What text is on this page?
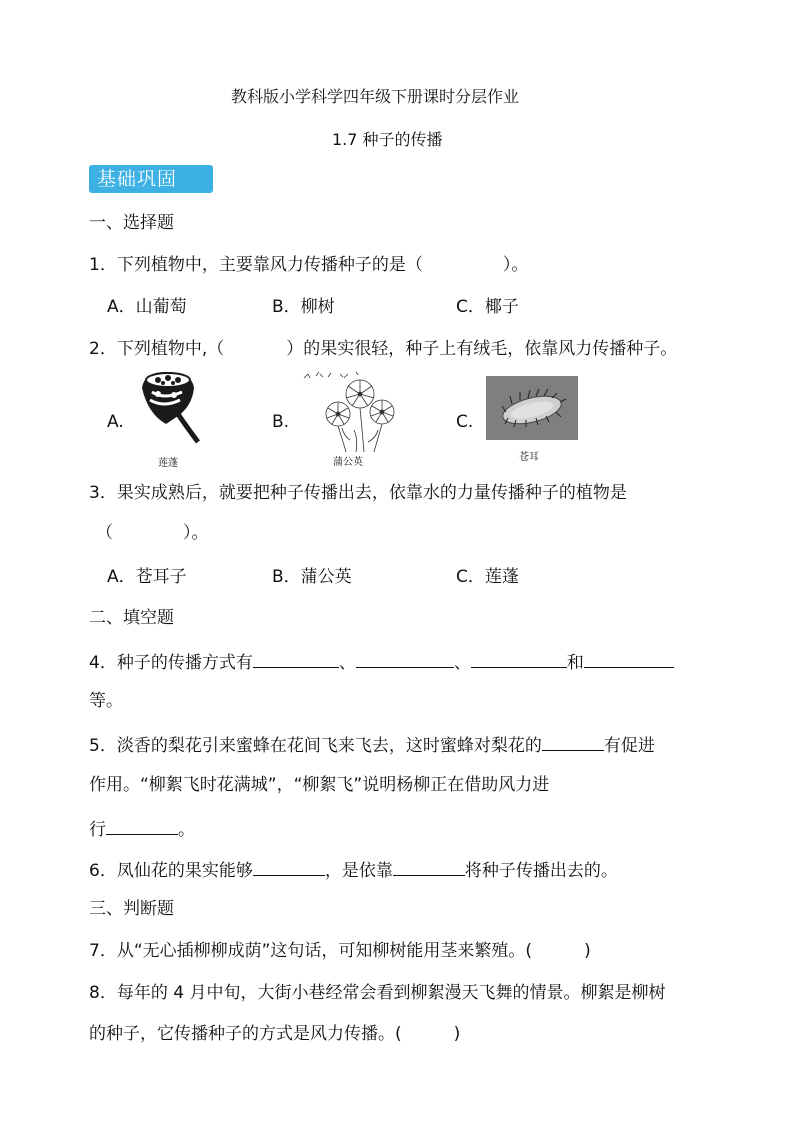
教科版小学科学四年级下册课时分层作业
1.7 种子的传播
基础巩固
一、选择题
1．下列植物中，主要靠风力传播种子的是（	）。
A．山葡萄	B．柳树	C．椰子
2．下列植物中,（	）的果实很轻，种子上有绒毛，依靠风力传播种子。
A.	B.	C.
莲蓬	蒲公英	苍耳
3．果实成熟后，就要把种子传播出去，依靠水的力量传播种子的植物是
（	）。
A．苍耳子	B．蒲公英	C．莲蓬
二、填空题
4．种子的传播方式有	、	、	和
等。
5．淡香的梨花引来蜜蜂在花间飞来飞去，这时蜜蜂对梨花的	有促进
作用。“柳絮飞时花满城”，“柳絮飞”说明杨柳正在借助风力进
行	。
6．凤仙花的果实能够	，是依靠	将种子传播出去的。
三、判断题
7．从“无心插柳柳成荫”这句话，可知柳树能用茎来繁殖。(	)
8．每年的 4 月中旬，大街小巷经常会看到柳絮漫天飞舞的情景。柳絮是柳树
的种子，它传播种子的方式是风力传播。(	)
